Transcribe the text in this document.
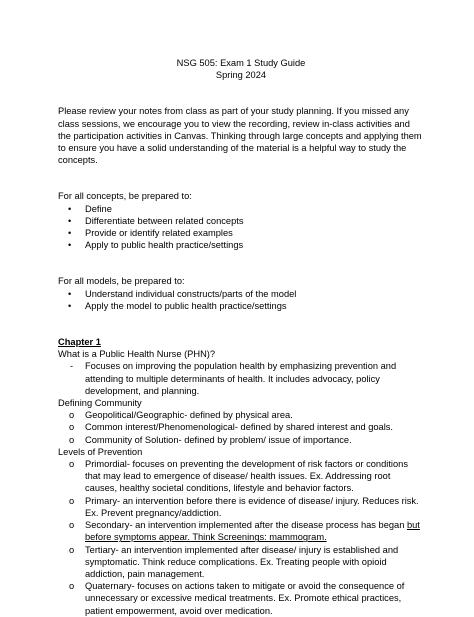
NSG 505: Exam 1 Study Guide

Spring 2024

Please review your notes from class as part of your study planning. If you missed any class sessions, we encourage you to view the recording, review in-class activities and the participation activities in Canvas. Thinking through large concepts and applying them to ensure you have a solid understanding of the material is a helpful way to study the concepts.

For all concepts, be prepared to:

• Define
• Differentiate between related concepts
• Provide or identify related examples
• Apply to public health practice/settings

For all models, be prepared to:

• Understand individual constructs/parts of the model
• Apply the model to public health practice/settings

Chapter 1

What is a Public Health Nurse (PHN)?

- Focuses on improving the population health by emphasizing prevention and attending to multiple determinants of health. It includes advocacy, policy development, and planning.

Defining Community

o Geopolitical/Geographic- defined by physical area.
o Common interest/Phenomenological- defined by shared interest and goals.
o Community of Solution- defined by problem/ issue of importance.

Levels of Prevention

o Primordial- focuses on preventing the development of risk factors or conditions that may lead to emergence of disease/ health issues. Ex. Addressing root causes, healthy societal conditions, lifestyle and behavior factors.
o Primary- an intervention before there is evidence of disease/ injury. Reduces risk. Ex. Prevent pregnancy/addiction.
o Secondary- an intervention implemented after the disease process has began but before symptoms appear. Think Screenings: mammogram.
o Tertiary- an intervention implemented after disease/ injury is established and symptomatic. Think reduce complications. Ex. Treating people with opioid addiction, pain management.
o Quaternary- focuses on actions taken to mitigate or avoid the consequence of unnecessary or excessive medical treatments. Ex. Promote ethical practices, patient empowerment, avoid over medication.
